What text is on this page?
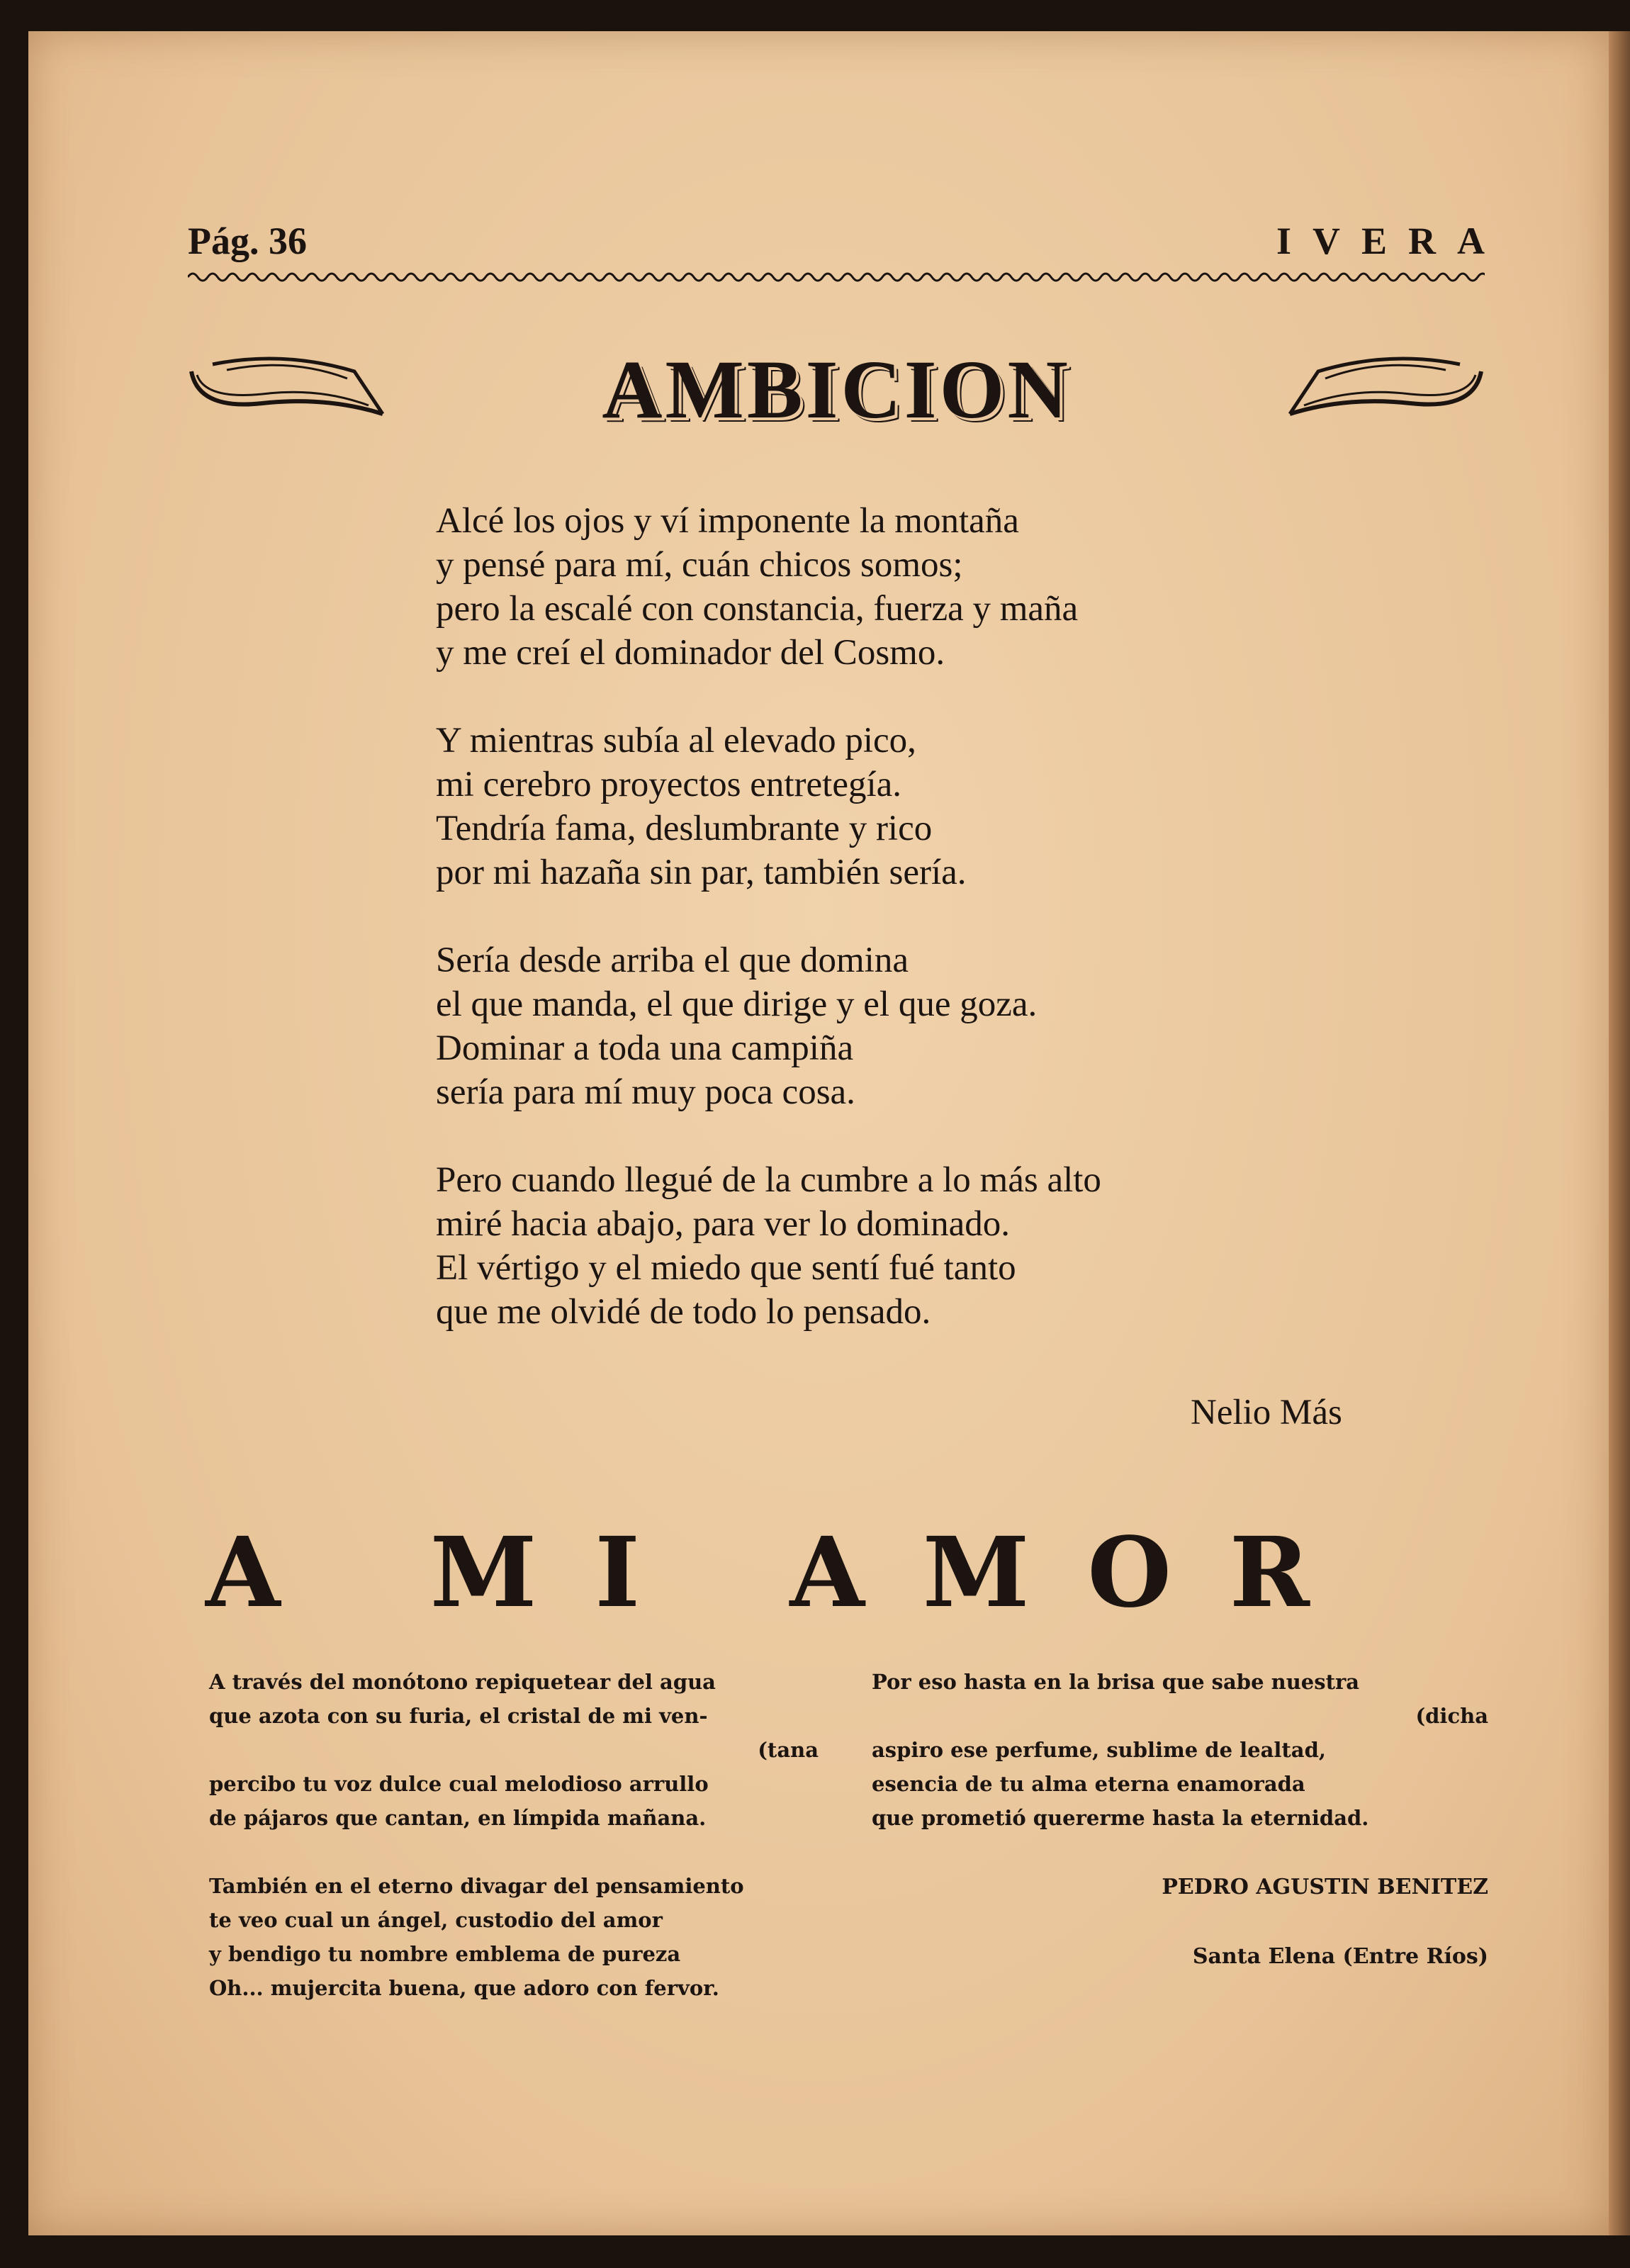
Pág. 36	IVERA
AMBICION
Alcé los ojos y ví imponente la montaña
y pensé para mí, cuán chicos somos;
pero la escalé con constancia, fuerza y maña
y me creí el dominador del Cosmo.
Y mientras subía al elevado pico,
mi cerebro proyectos entretegía.
Tendría fama, deslumbrante y rico
por mi hazaña sin par, también sería.
Sería desde arriba el que domina
el que manda, el que dirige y el que goza.
Dominar a toda una campiña
sería para mí muy poca cosa.
Pero cuando llegué de la cumbre a lo más alto
miré hacia abajo, para ver lo dominado.
El vértigo y el miedo que sentí fué tanto
que me olvidé de todo lo pensado.
Nelio Más
A MI AMOR
A través del monótono repiquetear del agua
que azota con su furia, el cristal de mi ven-
(tana
percibo tu voz dulce cual melodioso arrullo
de pájaros que cantan, en límpida mañana.
También en el eterno divagar del pensamiento
te veo cual un ángel, custodio del amor
y bendigo tu nombre emblema de pureza
Oh... mujercita buena, que adoro con fervor.
Por eso hasta en la brisa que sabe nuestra
(dicha
aspiro ese perfume, sublime de lealtad,
esencia de tu alma eterna enamorada
que prometió quererme hasta la eternidad.
PEDRO AGUSTIN BENITEZ
Santa Elena (Entre Ríos)
